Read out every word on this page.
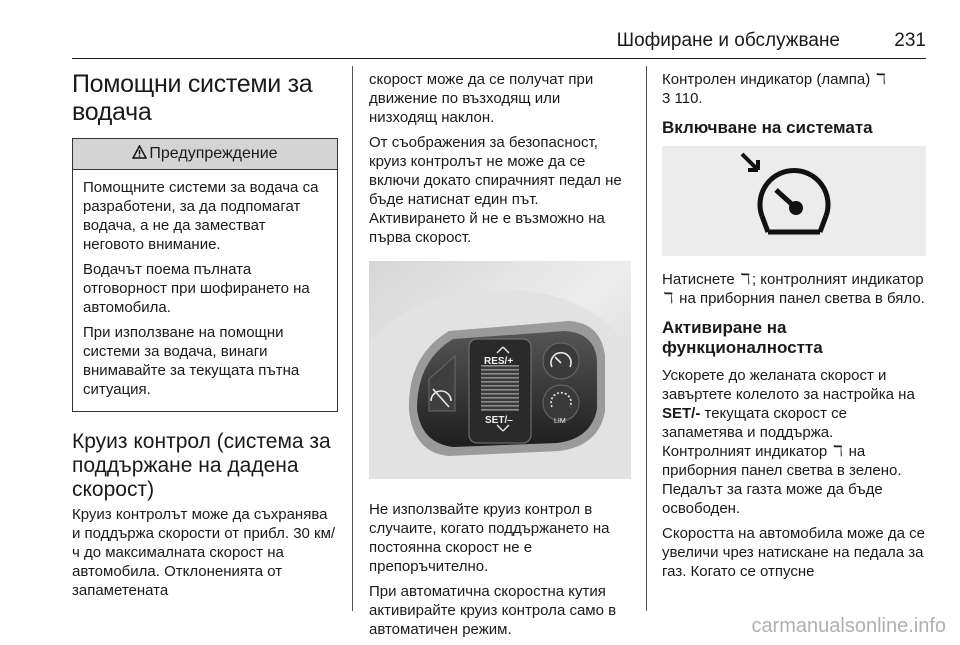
Шофиране и обслужване	231
Помощни системи за водача
Предупреждение

Помощните системи за водача са разработени, за да подпомагат водача, а не да заместват неговото внимание.

Водачът поема пълната отговорност при шофирането на автомобила.

При използване на помощни системи за водача, винаги внимавайте за текущата пътна ситуация.

Круиз контрол (система за поддържане на дадена скорост)

Круиз контролът може да съхранява и поддържа скорости от прибл. 30 км/ч до максималната скорост на автомобила. Отклоненията от запаметената

скорост може да се получат при движение по възходящ или низходящ наклон.

От съображения за безопасност, круиз контролът не може да се включи докато спирачният педал не бъде натиснат един път. Активирането й не е възможно на първа скорост.

RES/+
SET/–	LIM

Не използвайте круиз контрол в случаите, когато поддържането на постоянна скорост не е препоръчително.

При автоматична скоростна кутия активирайте круиз контрола само в автоматичен режим.

Контролен индикатор (лампа) ℸ
3 110.

Включване на системата

Натиснете ℸ ; контролният индикатор ℸ на приборния панел светва в бяло.

Активиране на функционалността

Ускорете до желаната скорост и завъртете колелото за настройка на SET/- текущата скорост се запаметява и поддържа. Контролният индикатор ℸ на приборния панел светва в зелено. Педалът за газта може да бъде освободен.

Скоростта на автомобила може да се увеличи чрез натискане на педала за газ. Когато се отпусне

carmanualsonline.info
